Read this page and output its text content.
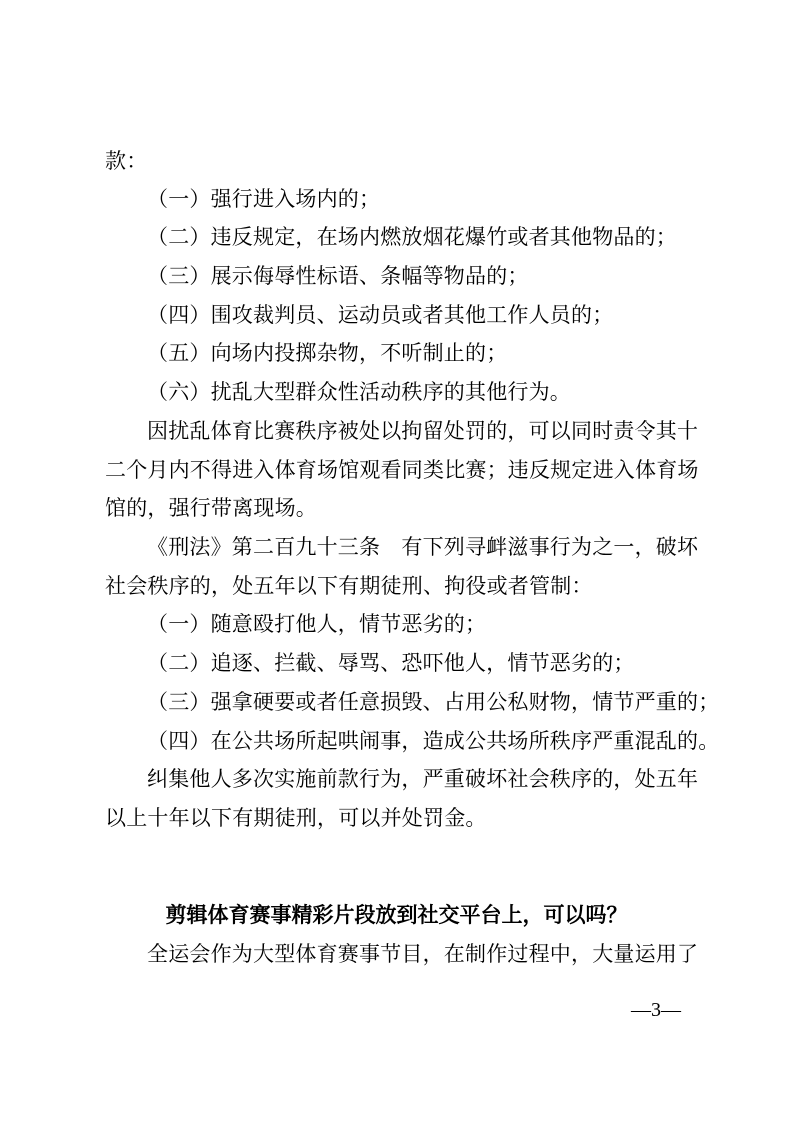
款：
（一）强行进入场内的；
（二）违反规定，在场内燃放烟花爆竹或者其他物品的；
（三）展示侮辱性标语、条幅等物品的；
（四）围攻裁判员、运动员或者其他工作人员的；
（五）向场内投掷杂物，不听制止的；
（六）扰乱大型群众性活动秩序的其他行为。
因扰乱体育比赛秩序被处以拘留处罚的，可以同时责令其十
二个月内不得进入体育场馆观看同类比赛；违反规定进入体育场
馆的，强行带离现场。
《刑法》第二百九十三条　有下列寻衅滋事行为之一，破坏
社会秩序的，处五年以下有期徒刑、拘役或者管制：
（一）随意殴打他人，情节恶劣的；
（二）追逐、拦截、辱骂、恐吓他人，情节恶劣的；
（三）强拿硬要或者任意损毁、占用公私财物，情节严重的；
（四）在公共场所起哄闹事，造成公共场所秩序严重混乱的。
纠集他人多次实施前款行为，严重破坏社会秩序的，处五年
以上十年以下有期徒刑，可以并处罚金。
剪辑体育赛事精彩片段放到社交平台上，可以吗？
全运会作为大型体育赛事节目，在制作过程中，大量运用了
—3—
